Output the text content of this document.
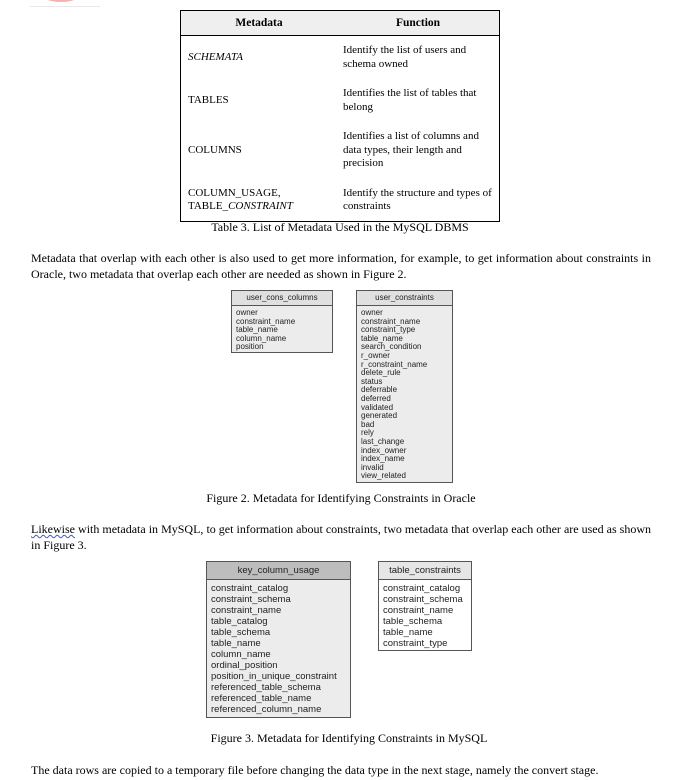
Metadata	Function
SCHEMATA	Identify the list of users and schema owned
TABLES	Identifies the list of tables that belong
COLUMNS	Identifies a list of columns and data types, their length and precision
COLUMN_USAGE,
TABLE_CONSTRAINT	Identify the structure and types of constraints
Table 3. List of Metadata Used in the MySQL DBMS
Metadata that overlap with each other is also used to get more information, for example, to get information about constraints in Oracle, two metadata that overlap each other are needed as shown in Figure 2.
user_cons_columns
owner
constraint_name
table_name
column_name
position
user_constraints
owner
constraint_name
constraint_type
table_name
search_condition
r_owner
r_constraint_name
delete_rule
status
deferrable
deferred
validated
generated
bad
rely
last_change
index_owner
index_name
invalid
view_related
Figure 2. Metadata for Identifying Constraints in Oracle
Likewise with metadata in MySQL, to get information about constraints, two metadata that overlap each other are used as shown in Figure 3.
key_column_usage
constraint_catalog
constraint_schema
constraint_name
table_catalog
table_schema
table_name
column_name
ordinal_position
position_in_unique_constraint
referenced_table_schema
referenced_table_name
referenced_column_name
table_constraints
constraint_catalog
constraint_schema
constraint_name
table_schema
table_name
constraint_type
Figure 3. Metadata for Identifying Constraints in MySQL
The data rows are copied to a temporary file before changing the data type in the next stage, namely the convert stage.
